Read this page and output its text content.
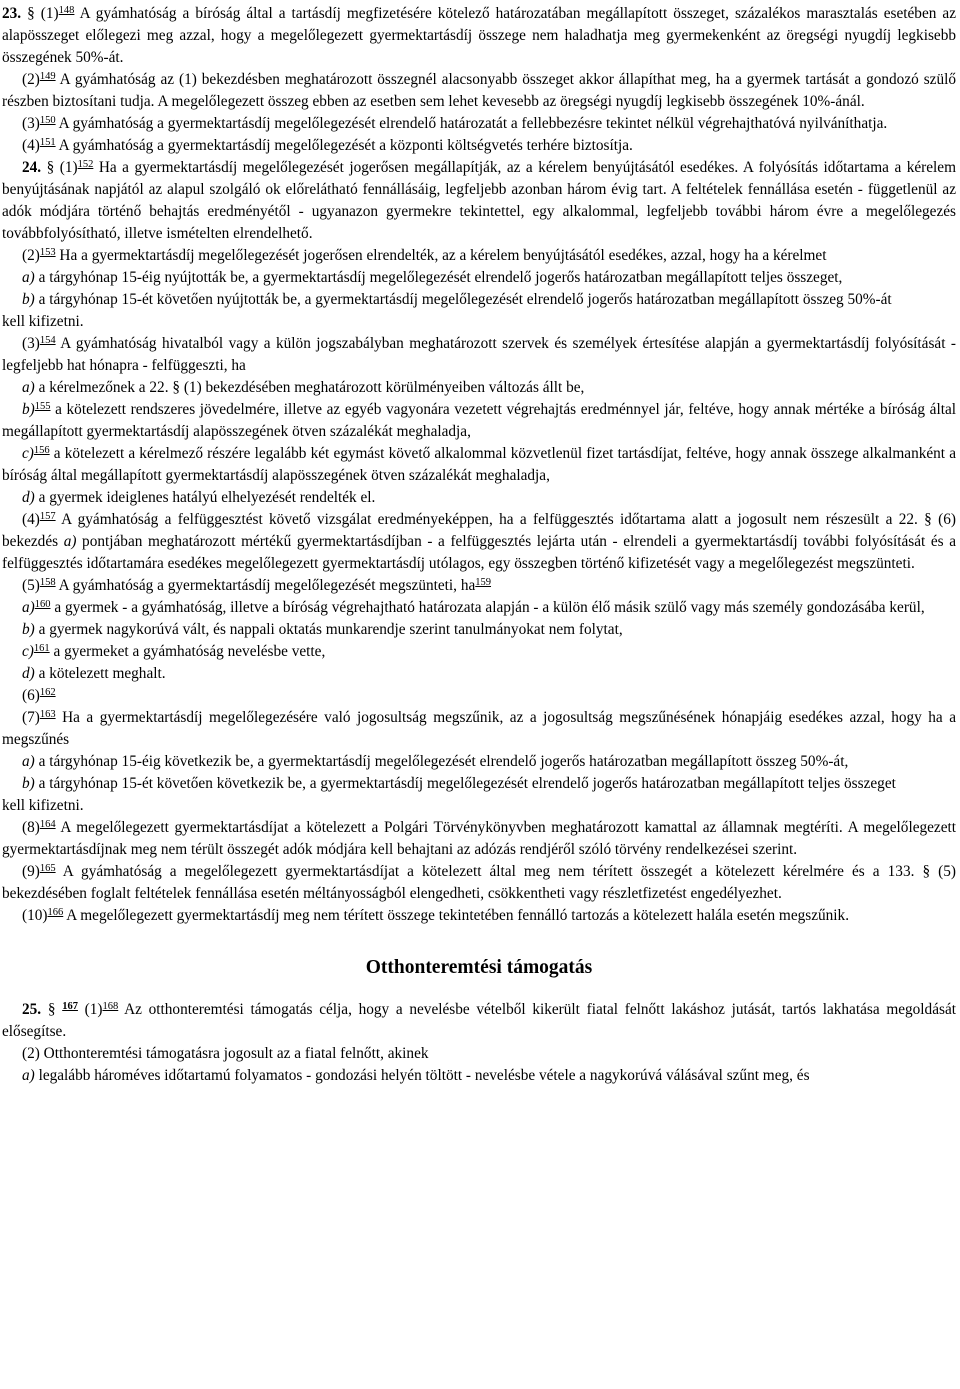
23. § (1)$^{148}$ A gyámhatóság a bíróság által a tartásdíj megfizetésére kötelező határozatában megállapított összeget, százalékos marasztalás esetében az alapösszeget előlegezi meg azzal, hogy a megelőlegezett gyermektartásdíj összege nem haladhatja meg gyermekenként az öregségi nyugdíj legkisebb összegének 50%-át.

(2)$^{149}$ A gyámhatóság az (1) bekezdésben meghatározott összegnél alacsonyabb összeget akkor állapíthat meg, ha a gyermek tartását a gondozó szülő részben biztosítani tudja. A megelőlegezett összeg ebben az esetben sem lehet kevesebb az öregségi nyugdíj legkisebb összegének 10%-ánál.

(3)$^{150}$ A gyámhatóság a gyermektartásdíj megelőlegezését elrendelő határozatát a fellebbezésre tekintet nélkül végrehajthatóvá nyilváníthatja.

(4)$^{151}$ A gyámhatóság a gyermektartásdíj megelőlegezését a központi költségvetés terhére biztosítja.

24. § (1)$^{152}$ Ha a gyermektartásdíj megelőlegezését jogerősen megállapítják, az a kérelem benyújtásától esedékes. A folyósítás időtartama a kérelem benyújtásának napjától az alapul szolgáló ok előrelátható fennállásáig, legfeljebb azonban három évig tart. A feltételek fennállása esetén - függetlenül az adók módjára történő behajtás eredményétől - ugyanazon gyermekre tekintettel, egy alkalommal, legfeljebb további három évre a megelőlegezés továbbfolyósítható, illetve ismételten elrendelhető.

(2)$^{153}$ Ha a gyermektartásdíj megelőlegezését jogerősen elrendelték, az a kérelem benyújtásától esedékes, azzal, hogy ha a kérelmet

a) a tárgyhónap 15-éig nyújtották be, a gyermektartásdíj megelőlegezését elrendelő jogerős határozatban megállapított teljes összeget,

b) a tárgyhónap 15-ét követően nyújtották be, a gyermektartásdíj megelőlegezését elrendelő jogerős határozatban megállapított összeg 50%-át

kell kifizetni.

(3)$^{154}$ A gyámhatóság hivatalból vagy a külön jogszabályban meghatározott szervek és személyek értesítése alapján a gyermektartásdíj folyósítását - legfeljebb hat hónapra - felfüggeszti, ha

a) a kérelmezőnek a 22. § (1) bekezdésében meghatározott körülményeiben változás állt be,

b)$^{155}$ a kötelezett rendszeres jövedelmére, illetve az egyéb vagyonára vezetett végrehajtás eredménnyel jár, feltéve, hogy annak mértéke a bíróság által megállapított gyermektartásdíj alapösszegének ötven százalékát meghaladja,

c)$^{156}$ a kötelezett a kérelmező részére legalább két egymást követő alkalommal közvetlenül fizet tartásdíjat, feltéve, hogy annak összege alkalmanként a bíróság által megállapított gyermektartásdíj alapösszegének ötven százalékát meghaladja,

d) a gyermek ideiglenes hatályú elhelyezését rendelték el.

(4)$^{157}$ A gyámhatóság a felfüggesztést követő vizsgálat eredményeképpen, ha a felfüggesztés időtartama alatt a jogosult nem részesült a 22. § (6) bekezdés a) pontjában meghatározott mértékű gyermektartásdíjban - a felfüggesztés lejárta után - elrendeli a gyermektartásdíj további folyósítását és a felfüggesztés időtartamára esedékes megelőlegezett gyermektartásdíj utólagos, egy összegben történő kifizetését vagy a megelőlegezést megszünteti.

(5)$^{158}$ A gyámhatóság a gyermektartásdíj megelőlegezését megszünteti, ha$^{159}$

a)$^{160}$ a gyermek - a gyámhatóság, illetve a bíróság végrehajtható határozata alapján - a külön élő másik szülő vagy más személy gondozásába kerül,

b) a gyermek nagykorúvá vált, és nappali oktatás munkarendje szerint tanulmányokat nem folytat,

c)$^{161}$ a gyermeket a gyámhatóság nevelésbe vette,

d) a kötelezett meghalt.

(6)$^{162}$

(7)$^{163}$ Ha a gyermektartásdíj megelőlegezésére való jogosultság megszűnik, az a jogosultság megszűnésének hónapjáig esedékes azzal, hogy ha a megszűnés

a) a tárgyhónap 15-éig következik be, a gyermektartásdíj megelőlegezését elrendelő jogerős határozatban megállapított összeg 50%-át,

b) a tárgyhónap 15-ét követően következik be, a gyermektartásdíj megelőlegezését elrendelő jogerős határozatban megállapított teljes összeget

kell kifizetni.

(8)$^{164}$ A megelőlegezett gyermektartásdíjat a kötelezett a Polgári Törvénykönyvben meghatározott kamattal az államnak megtéríti. A megelőlegezett gyermektartásdíjnak meg nem térült összegét adók módjára kell behajtani az adózás rendjéről szóló törvény rendelkezései szerint.

(9)$^{165}$ A gyámhatóság a megelőlegezett gyermektartásdíjat a kötelezett által meg nem térített összegét a kötelezett kérelmére és a 133. § (5) bekezdésében foglalt feltételek fennállása esetén méltányosságból elengedheti, csökkentheti vagy részletfizetést engedélyezhet.

(10)$^{166}$ A megelőlegezett gyermektartásdíj meg nem térített összege tekintetében fennálló tartozás a kötelezett halála esetén megszűnik.

Otthonteremtési támogatás

25. § $^{167}$ (1)$^{168}$ Az otthonteremtési támogatás célja, hogy a nevelésbe vételből kikerült fiatal felnőtt lakáshoz jutását, tartós lakhatása megoldását elősegítse.

(2) Otthonteremtési támogatásra jogosult az a fiatal felnőtt, akinek

a) legalább hároméves időtartamú folyamatos - gondozási helyén töltött - nevelésbe vétele a nagykorúvá válásával szűnt meg, és
